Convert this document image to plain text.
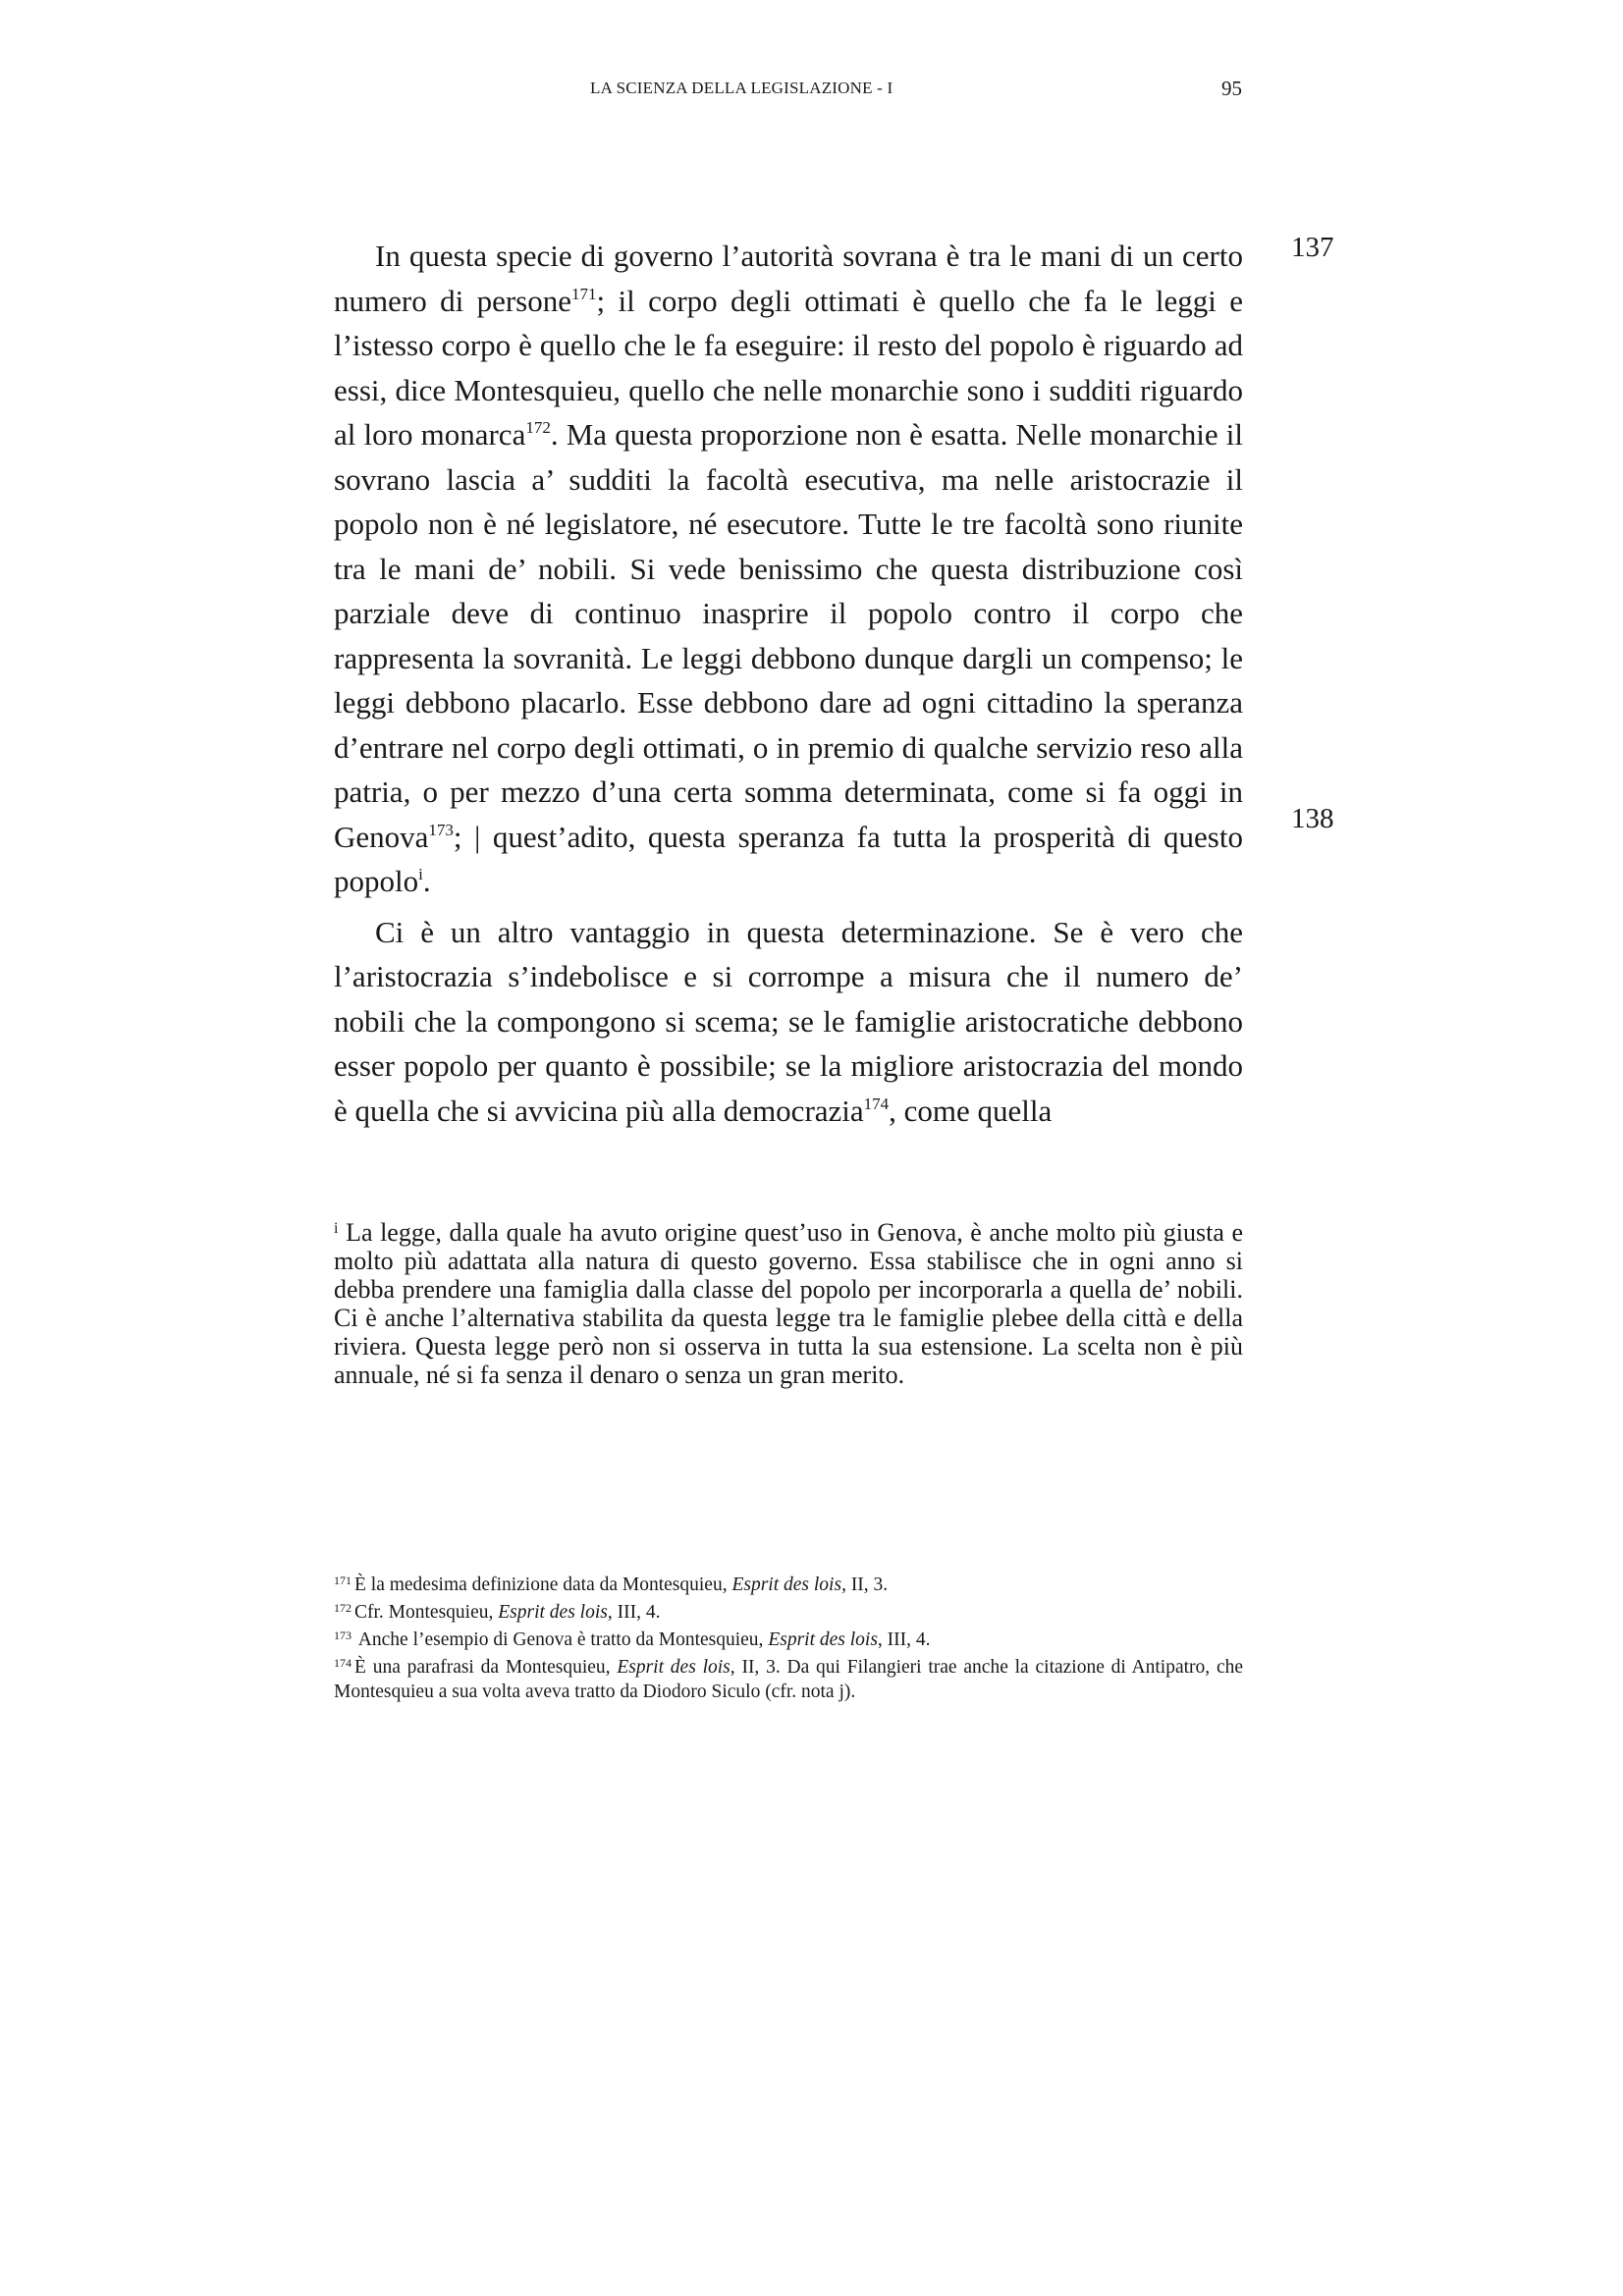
LA SCIENZA DELLA LEGISLAZIONE - I	95
137
138

In questa specie di governo l’autorità sovrana è tra le mani di un certo numero di persone$^{171}$; il corpo degli ottimati è quello che fa le leggi e l’istesso corpo è quello che le fa eseguire: il resto del popolo è riguardo ad essi, dice Montesquieu, quello che nelle monarchie sono i sudditi riguardo al loro monarca$^{172}$. Ma questa proporzione non è esatta. Nelle monarchie il sovrano lascia a’ sudditi la facoltà esecutiva, ma nelle aristocrazie il popolo non è né legislatore, né esecutore. Tutte le tre facoltà sono riunite tra le mani de’ nobili. Si vede benissimo che questa distribuzione così parziale deve di continuo inasprire il popolo contro il corpo che rappresenta la sovranità. Le leggi debbono dunque dargli un compenso; le leggi debbono placarlo. Esse debbono dare ad ogni cittadino la speranza d’entrare nel corpo degli ottimati, o in premio di qualche servizio reso alla patria, o per mezzo d’una certa somma determinata, come si fa oggi in Genova$^{173}$; | quest’adito, questa speranza fa tutta la prosperità di questo popolo$^i$.

Ci è un altro vantaggio in questa determinazione. Se è vero che l’aristocrazia s’indebolisce e si corrompe a misura che il numero de’ nobili che la compongono si scema; se le famiglie aristocratiche debbono esser popolo per quanto è possibile; se la migliore aristocrazia del mondo è quella che si avvicina più alla democrazia$^{174}$, come quella

$^i$ La legge, dalla quale ha avuto origine quest’uso in Genova, è anche molto più giusta e molto più adattata alla natura di questo governo. Essa stabilisce che in ogni anno si debba prendere una famiglia dalla classe del popolo per incorporarla a quella de’ nobili. Ci è anche l’alternativa stabilita da questa legge tra le famiglie plebee della città e della riviera. Questa legge però non si osserva in tutta la sua estensione. La scelta non è più annuale, né si fa senza il denaro o senza un gran merito.
$^{171}$ È la medesima definizione data da Montesquieu, Esprit des lois, II, 3.
$^{172}$ Cfr. Montesquieu, Esprit des lois, III, 4.
$^{173}$ Anche l’esempio di Genova è tratto da Montesquieu, Esprit des lois, III, 4.
$^{174}$ È una parafrasi da Montesquieu, Esprit des lois, II, 3. Da qui Filangieri trae anche la citazione di Antipatro, che Montesquieu a sua volta aveva tratto da Diodoro Siculo (cfr. nota j).
